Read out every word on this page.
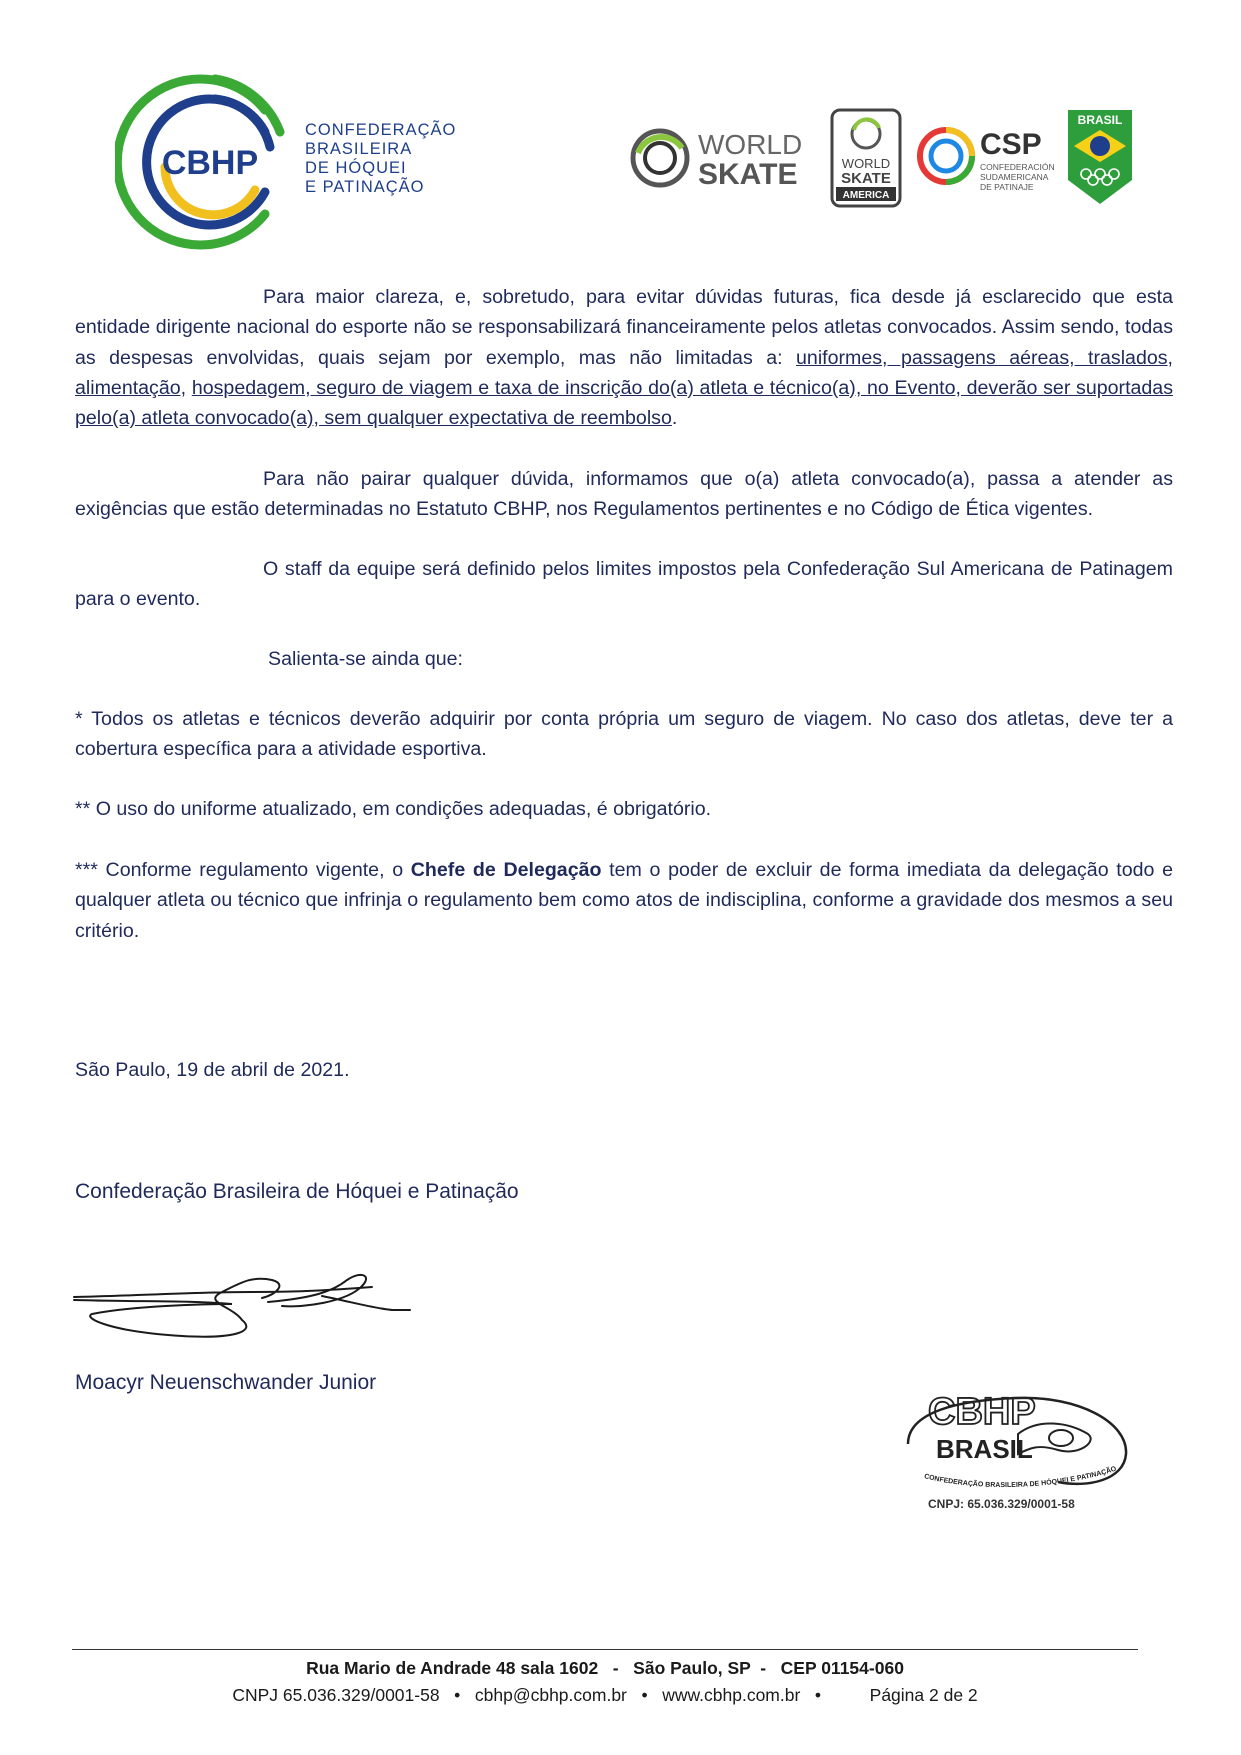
CBHP
CONFEDERAÇÃO
BRASILEIRA
DE HÓQUEI
E PATINAÇÃO
WORLD
SKATE	WORLD
SKATE
AMERICA
CSP
CONFEDERACIÓN
SUDAMERICANA
DE PATINAJE
BRASIL

Para maior clareza, e, sobretudo, para evitar dúvidas futuras, fica desde já esclarecido que esta entidade dirigente nacional do esporte não se responsabilizará financeiramente pelos atletas convocados. Assim sendo, todas as despesas envolvidas, quais sejam por exemplo, mas não limitadas a: uniformes, passagens aéreas, traslados, alimentação, hospedagem, seguro de viagem e taxa de inscrição do(a) atleta e técnico(a), no Evento, deverão ser suportadas pelo(a) atleta convocado(a), sem qualquer expectativa de reembolso.

Para não pairar qualquer dúvida, informamos que o(a) atleta convocado(a), passa a atender as exigências que estão determinadas no Estatuto CBHP, nos Regulamentos pertinentes e no Código de Ética vigentes.

O staff da equipe será definido pelos limites impostos pela Confederação Sul Americana de Patinagem para o evento.

Salienta-se ainda que:

* Todos os atletas e técnicos deverão adquirir por conta própria um seguro de viagem. No caso dos atletas, deve ter a cobertura específica para a atividade esportiva.

** O uso do uniforme atualizado, em condições adequadas, é obrigatório.

*** Conforme regulamento vigente, o Chefe de Delegação tem o poder de excluir de forma imediata da delegação todo e qualquer atleta ou técnico que infrinja o regulamento bem como atos de indisciplina, conforme a gravidade dos mesmos a seu critério.

São Paulo, 19 de abril de 2021.

Confederação Brasileira de Hóquei e Patinação

Moacyr Neuenschwander Junior

CBHP
BRASIL
CONFEDERAÇÃO BRASILEIRA DE HÓQUEI E PATINAÇÃO
CNPJ: 65.036.329/0001-58
Rua Mario de Andrade 48 sala 1602   -   São Paulo, SP  -   CEP 01154-060
CNPJ 65.036.329/0001-58   •   cbhp@cbhp.com.br   •   www.cbhp.com.br   •          Página 2 de 2
